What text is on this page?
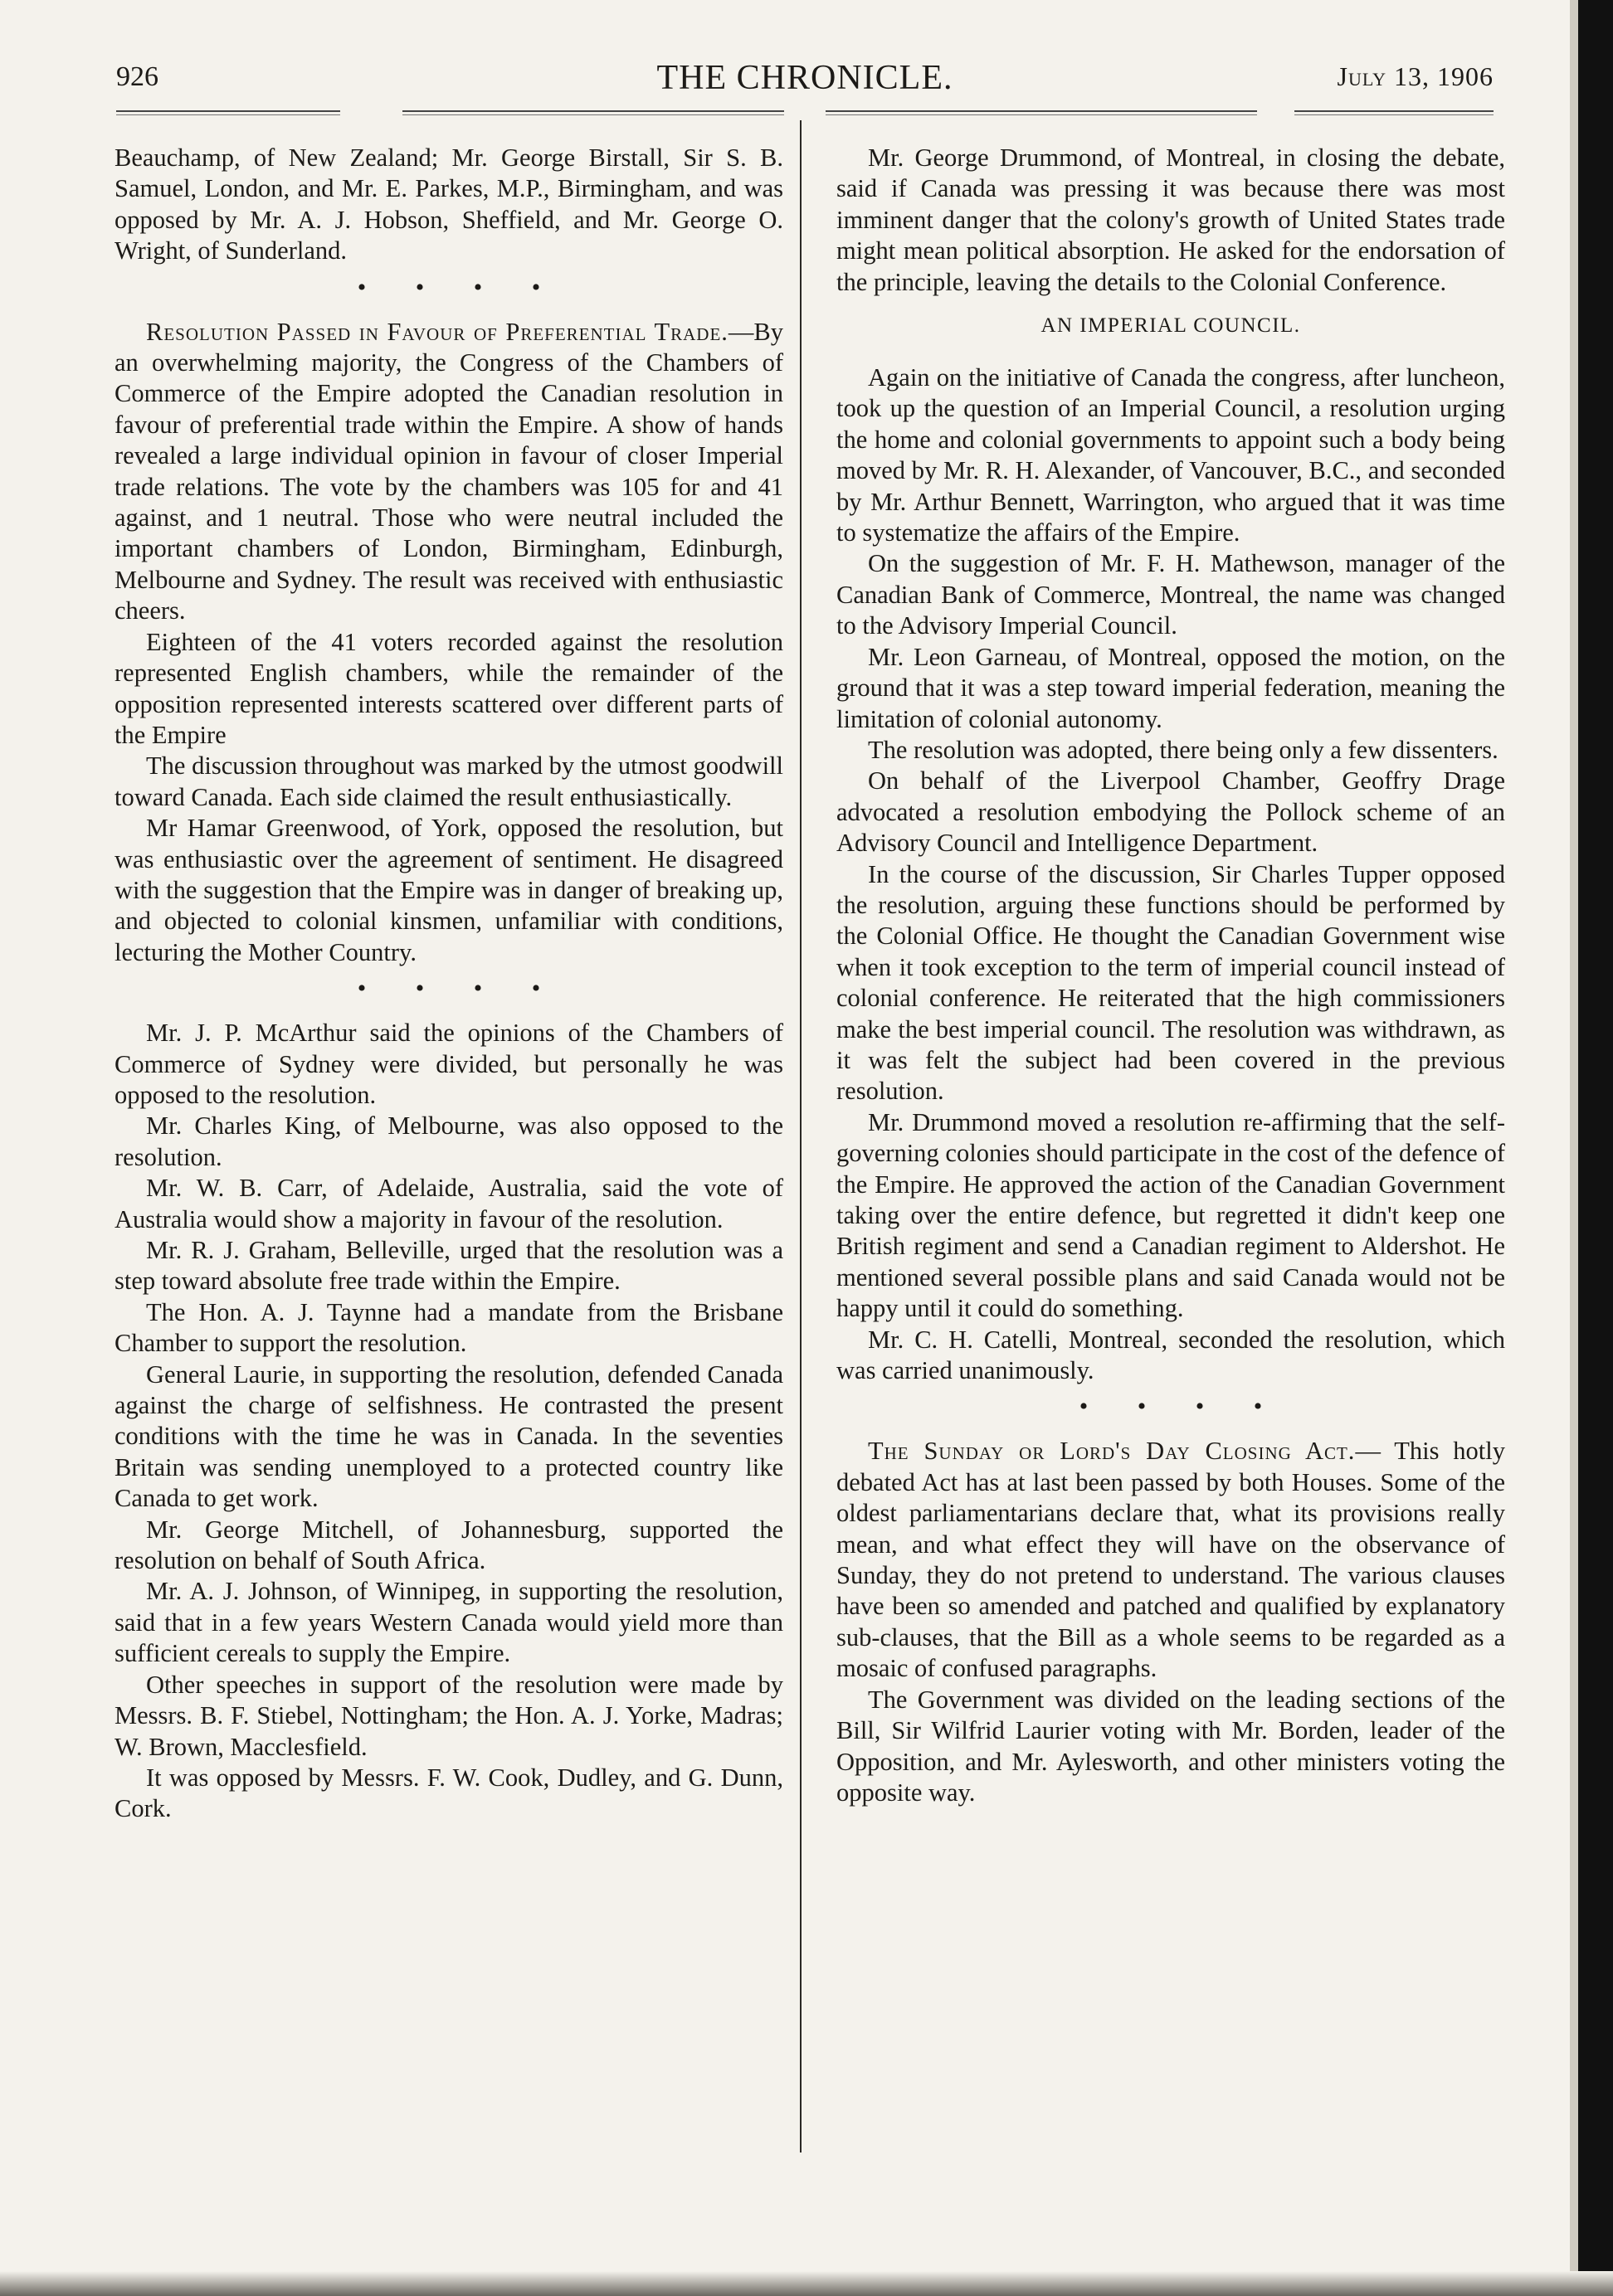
926	THE CHRONICLE.	July 13, 1906

Beauchamp, of New Zealand; Mr. George Birstall, Sir S. B. Samuel, London, and Mr. E. Parkes, M.P., Birmingham, and was opposed by Mr. A. J. Hobson, Sheffield, and Mr. George O. Wright, of Sunderland.

• • • •

Resolution Passed in Favour of Preferential Trade.—By an overwhelming majority, the Congress of the Chambers of Commerce of the Empire adopted the Canadian resolution in favour of preferential trade within the Empire. A show of hands revealed a large individual opinion in favour of closer Imperial trade relations. The vote by the chambers was 105 for and 41 against, and 1 neutral. Those who were neutral included the important chambers of London, Birmingham, Edinburgh, Melbourne and Sydney. The result was received with enthusiastic cheers.

Eighteen of the 41 voters recorded against the resolution represented English chambers, while the remainder of the opposition represented interests scattered over different parts of the Empire

The discussion throughout was marked by the utmost goodwill toward Canada. Each side claimed the result enthusiastically.

Mr Hamar Greenwood, of York, opposed the resolution, but was enthusiastic over the agreement of sentiment. He disagreed with the suggestion that the Empire was in danger of breaking up, and objected to colonial kinsmen, unfamiliar with conditions, lecturing the Mother Country.

• • • •

Mr. J. P. McArthur said the opinions of the Chambers of Commerce of Sydney were divided, but personally he was opposed to the resolution.

Mr. Charles King, of Melbourne, was also opposed to the resolution.

Mr. W. B. Carr, of Adelaide, Australia, said the vote of Australia would show a majority in favour of the resolution.

Mr. R. J. Graham, Belleville, urged that the resolution was a step toward absolute free trade within the Empire.

The Hon. A. J. Taynne had a mandate from the Brisbane Chamber to support the resolution.

General Laurie, in supporting the resolution, defended Canada against the charge of selfishness. He contrasted the present conditions with the time he was in Canada. In the seventies Britain was sending unemployed to a protected country like Canada to get work.

Mr. George Mitchell, of Johannesburg, supported the resolution on behalf of South Africa.

Mr. A. J. Johnson, of Winnipeg, in supporting the resolution, said that in a few years Western Canada would yield more than sufficient cereals to supply the Empire.

Other speeches in support of the resolution were made by Messrs. B. F. Stiebel, Nottingham; the Hon. A. J. Yorke, Madras; W. Brown, Macclesfield.

It was opposed by Messrs. F. W. Cook, Dudley, and G. Dunn, Cork.

Mr. George Drummond, of Montreal, in closing the debate, said if Canada was pressing it was because there was most imminent danger that the colony's growth of United States trade might mean political absorption. He asked for the endorsation of the principle, leaving the details to the Colonial Conference.

AN IMPERIAL COUNCIL.

Again on the initiative of Canada the congress, after luncheon, took up the question of an Imperial Council, a resolution urging the home and colonial governments to appoint such a body being moved by Mr. R. H. Alexander, of Vancouver, B.C., and seconded by Mr. Arthur Bennett, Warrington, who argued that it was time to systematize the affairs of the Empire.

On the suggestion of Mr. F. H. Mathewson, manager of the Canadian Bank of Commerce, Montreal, the name was changed to the Advisory Imperial Council.

Mr. Leon Garneau, of Montreal, opposed the motion, on the ground that it was a step toward imperial federation, meaning the limitation of colonial autonomy.

The resolution was adopted, there being only a few dissenters.

On behalf of the Liverpool Chamber, Geoffry Drage advocated a resolution embodying the Pollock scheme of an Advisory Council and Intelligence Department.

In the course of the discussion, Sir Charles Tupper opposed the resolution, arguing these functions should be performed by the Colonial Office. He thought the Canadian Government wise when it took exception to the term of imperial council instead of colonial conference. He reiterated that the high commissioners make the best imperial council. The resolution was withdrawn, as it was felt the subject had been covered in the previous resolution.

Mr. Drummond moved a resolution re-affirming that the self-governing colonies should participate in the cost of the defence of the Empire. He approved the action of the Canadian Government taking over the entire defence, but regretted it didn't keep one British regiment and send a Canadian regiment to Aldershot. He mentioned several possible plans and said Canada would not be happy until it could do something.

Mr. C. H. Catelli, Montreal, seconded the resolution, which was carried unanimously.

• • • •

The Sunday or Lord's Day Closing Act.— This hotly debated Act has at last been passed by both Houses. Some of the oldest parliamentarians declare that, what its provisions really mean, and what effect they will have on the observance of Sunday, they do not pretend to understand. The various clauses have been so amended and patched and qualified by explanatory sub-clauses, that the Bill as a whole seems to be regarded as a mosaic of confused paragraphs.

The Government was divided on the leading sections of the Bill, Sir Wilfrid Laurier voting with Mr. Borden, leader of the Opposition, and Mr. Aylesworth, and other ministers voting the opposite way.
